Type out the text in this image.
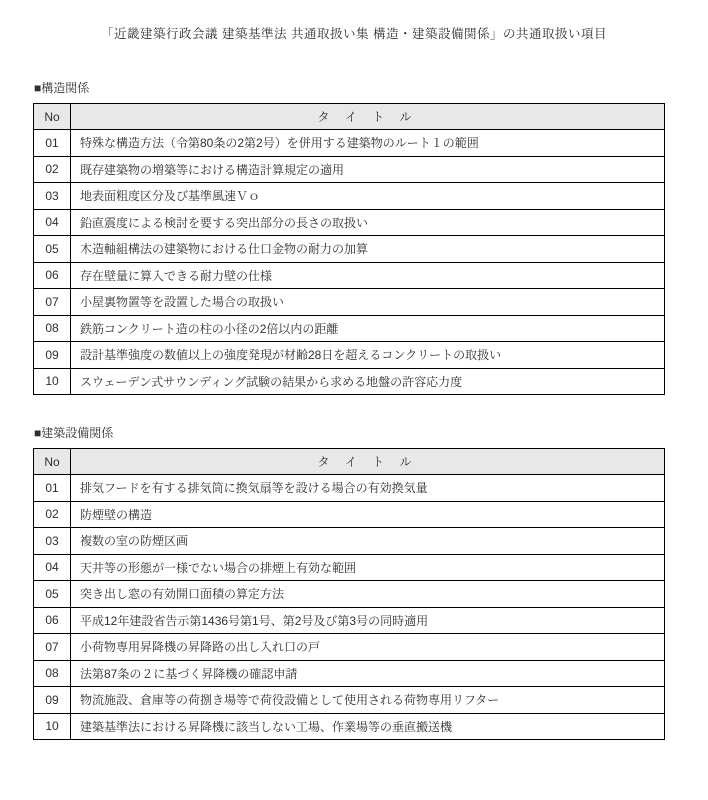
「近畿建築行政会議 建築基準法 共通取扱い集 構造・建築設備関係」の共通取扱い項目
■構造関係
No	タ イ ト ル
01	特殊な構造方法（令第80条の2第2号）を併用する建築物のルート１の範囲
02	既存建築物の増築等における構造計算規定の適用
03	地表面粗度区分及び基準風速Ｖｏ
04	鉛直震度による検討を要する突出部分の長さの取扱い
05	木造軸組構法の建築物における仕口金物の耐力の加算
06	存在壁量に算入できる耐力壁の仕様
07	小屋裏物置等を設置した場合の取扱い
08	鉄筋コンクリート造の柱の小径の2倍以内の距離
09	設計基準強度の数値以上の強度発現が材齢28日を超えるコンクリートの取扱い
10	スウェーデン式サウンディング試験の結果から求める地盤の許容応力度
■建築設備関係
No	タ イ ト ル
01	排気フードを有する排気筒に換気扇等を設ける場合の有効換気量
02	防煙壁の構造
03	複数の室の防煙区画
04	天井等の形態が一様でない場合の排煙上有効な範囲
05	突き出し窓の有効開口面積の算定方法
06	平成12年建設省告示第1436号第1号、第2号及び第3号の同時適用
07	小荷物専用昇降機の昇降路の出し入れ口の戸
08	法第87条の２に基づく昇降機の確認申請
09	物流施設、倉庫等の荷捌き場等で荷役設備として使用される荷物専用リフター
10	建築基準法における昇降機に該当しない工場、作業場等の垂直搬送機
